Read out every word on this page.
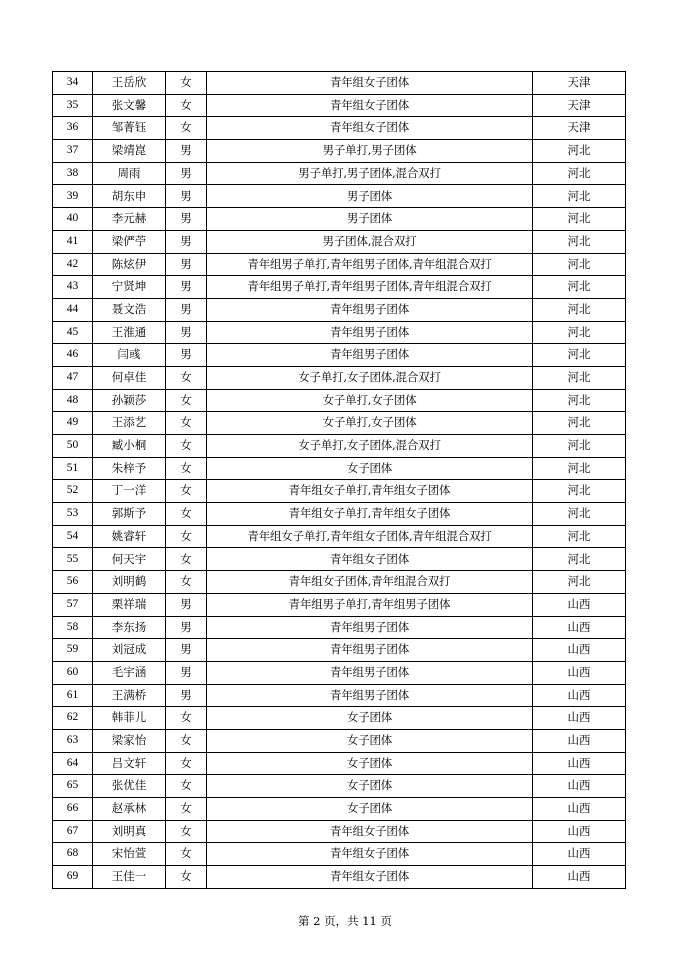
34	王岳欣	女	青年组女子团体	天津
35	张文馨	女	青年组女子团体	天津
36	邹菁钰	女	青年组女子团体	天津
37	梁靖崑	男	男子单打,男子团体	河北
38	周雨	男	男子单打,男子团体,混合双打	河北
39	胡东申	男	男子团体	河北
40	李元赫	男	男子团体	河北
41	梁俨苧	男	男子团体,混合双打	河北
42	陈炫伊	男	青年组男子单打,青年组男子团体,青年组混合双打	河北
43	宁贤坤	男	青年组男子单打,青年组男子团体,青年组混合双打	河北
44	聂文浩	男	青年组男子团体	河北
45	王淮通	男	青年组男子团体	河北
46	闫彧	男	青年组男子团体	河北
47	何卓佳	女	女子单打,女子团体,混合双打	河北
48	孙颖莎	女	女子单打,女子团体	河北
49	王添艺	女	女子单打,女子团体	河北
50	臧小桐	女	女子单打,女子团体,混合双打	河北
51	朱梓予	女	女子团体	河北
52	丁一洋	女	青年组女子单打,青年组女子团体	河北
53	郭斯予	女	青年组女子单打,青年组女子团体	河北
54	姚睿轩	女	青年组女子单打,青年组女子团体,青年组混合双打	河北
55	何天宇	女	青年组女子团体	河北
56	刘明鹤	女	青年组女子团体,青年组混合双打	河北
57	栗祥瑞	男	青年组男子单打,青年组男子团体	山西
58	李东扬	男	青年组男子团体	山西
59	刘冠成	男	青年组男子团体	山西
60	毛宇涵	男	青年组男子团体	山西
61	王满桥	男	青年组男子团体	山西
62	韩菲儿	女	女子团体	山西
63	梁家怡	女	女子团体	山西
64	吕文轩	女	女子团体	山西
65	张优佳	女	女子团体	山西
66	赵承林	女	女子团体	山西
67	刘明真	女	青年组女子团体	山西
68	宋怡萱	女	青年组女子团体	山西
69	王佳一	女	青年组女子团体	山西
第 2 页，共 11 页
